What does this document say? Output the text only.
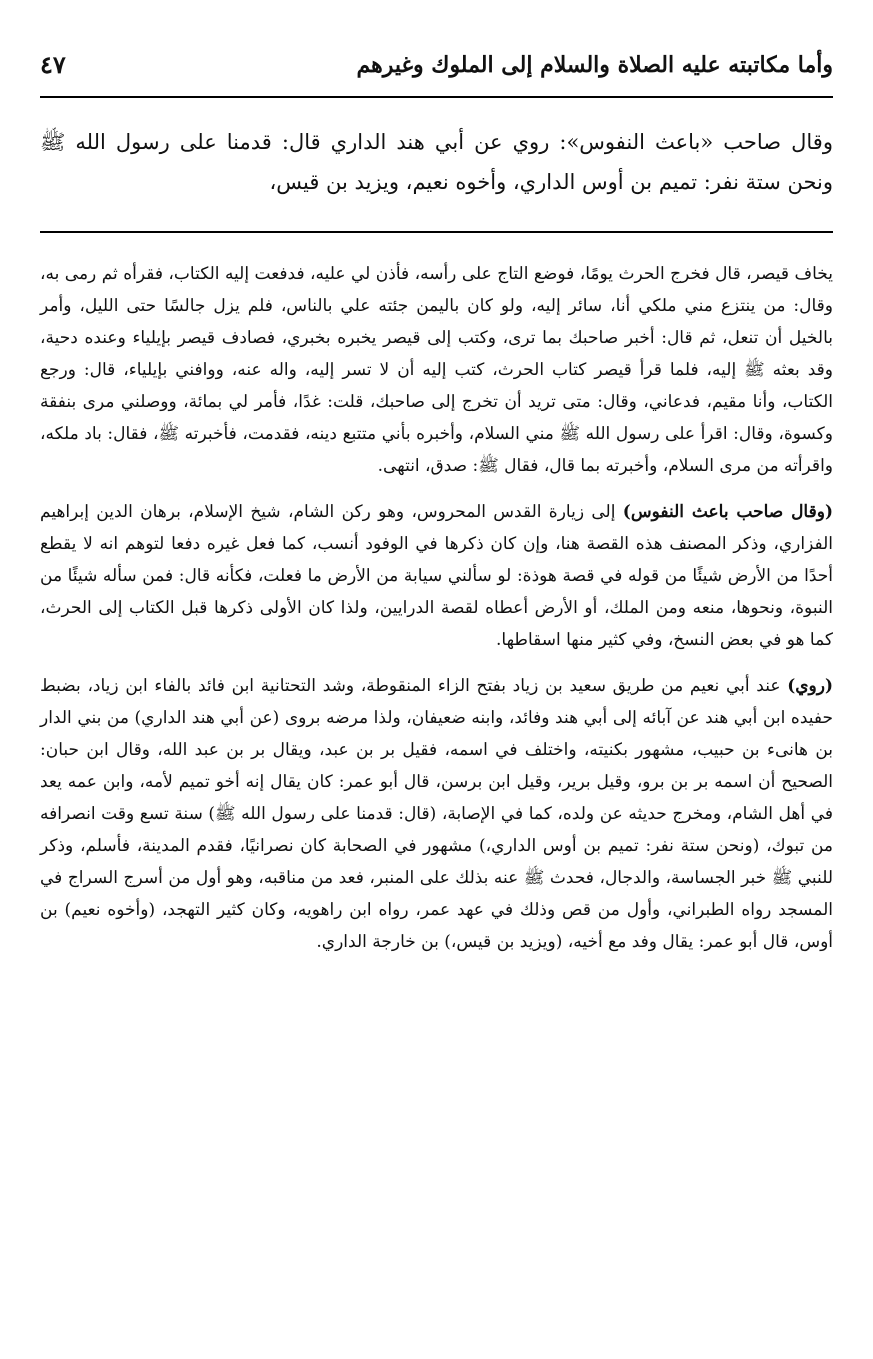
وأما مكاتبته عليه الصلاة والسلام إلى الملوك وغيرهم
٤٧
وقال صاحب «باعث النفوس»: روي عن أبي هند الداري قال: قدمنا على رسول الله ﷺ ونحن ستة نفر: تميم بن أوس الداري، وأخوه نعيم، ويزيد بن قيس،

يخاف قيصر، قال فخرج الحرث يومًا، فوضع التاج على رأسه، فأذن لي عليه، فدفعت إليه الكتاب، فقرأه ثم رمى به، وقال: من ينتزع مني ملكي أنا، سائر إليه، ولو كان باليمن جئته علي بالناس، فلم يزل جالسًا حتى الليل، وأمر بالخيل أن تنعل، ثم قال: أخبر صاحبك بما ترى، وكتب إلى قيصر يخبره بخبري، فصادف قيصر بإيلياء وعنده دحية، وقد بعثه ﷺ إليه، فلما قرأ قيصر كتاب الحرث، كتب إليه أن لا تسر إليه، واله عنه، ووافني بإيلياء، قال: ورجع الكتاب، وأنا مقيم، فدعاني، وقال: متى تريد أن تخرج إلى صاحبك، قلت: غدًا، فأمر لي بمائة، ووصلني مرى بنفقة وكسوة، وقال: اقرأ على رسول الله ﷺ مني السلام، وأخبره بأني متتبع دينه، فقدمت، فأخبرته ﷺ، فقال: باد ملكه، واقرأته من مرى السلام، وأخبرته بما قال، فقال ﷺ: صدق، انتهى.

(وقال صاحب باعث النفوس) إلى زيارة القدس المحروس، وهو ركن الشام، شيخ الإسلام، برهان الدين إبراهيم الفزاري، وذكر المصنف هذه القصة هنا، وإن كان ذكرها في الوفود أنسب، كما فعل غيره دفعا لتوهم انه لا يقطع أحدًا من الأرض شيئًا من قوله في قصة هوذة: لو سألني سيابة من الأرض ما فعلت، فكأنه قال: فمن سأله شيئًا من النبوة، ونحوها، منعه ومن الملك، أو الأرض أعطاه لقصة الدرايين، ولذا كان الأولى ذكرها قبل الكتاب إلى الحرث، كما هو في بعض النسخ، وفي كثير منها اسقاطها.

(روي) عند أبي نعيم من طريق سعيد بن زياد بفتح الزاء المنقوطة، وشد التحتانية ابن فائد بالفاء ابن زياد، بضبط حفيده ابن أبي هند عن آبائه إلى أبي هند وفائد، وابنه ضعيفان، ولذا مرضه بروى (عن أبي هند الداري) من بني الدار بن هانىء بن حبيب، مشهور بكنيته، واختلف في اسمه، فقيل بر بن عبد، ويقال بر بن عبد الله، وقال ابن حبان: الصحيح أن اسمه بر بن برو، وقيل برير، وقيل ابن برسن، قال أبو عمر: كان يقال إنه أخو تميم لأمه، وابن عمه يعد في أهل الشام، ومخرج حديثه عن ولده، كما في الإصابة، (قال: قدمنا على رسول الله ﷺ) سنة تسع وقت انصرافه من تبوك، (ونحن ستة نفر: تميم بن أوس الداري،) مشهور في الصحابة كان نصرانيًا، فقدم المدينة، فأسلم، وذكر للنبي ﷺ خبر الجساسة، والدجال، فحدث ﷺ عنه بذلك على المنبر، فعد من مناقبه، وهو أول من أسرج السراج في المسجد رواه الطبراني، وأول من قص وذلك في عهد عمر، رواه ابن راهويه، وكان كثير التهجد، (وأخوه نعيم) بن أوس، قال أبو عمر: يقال وفد مع أخيه، (ويزيد بن قيس،) بن خارجة الداري.
